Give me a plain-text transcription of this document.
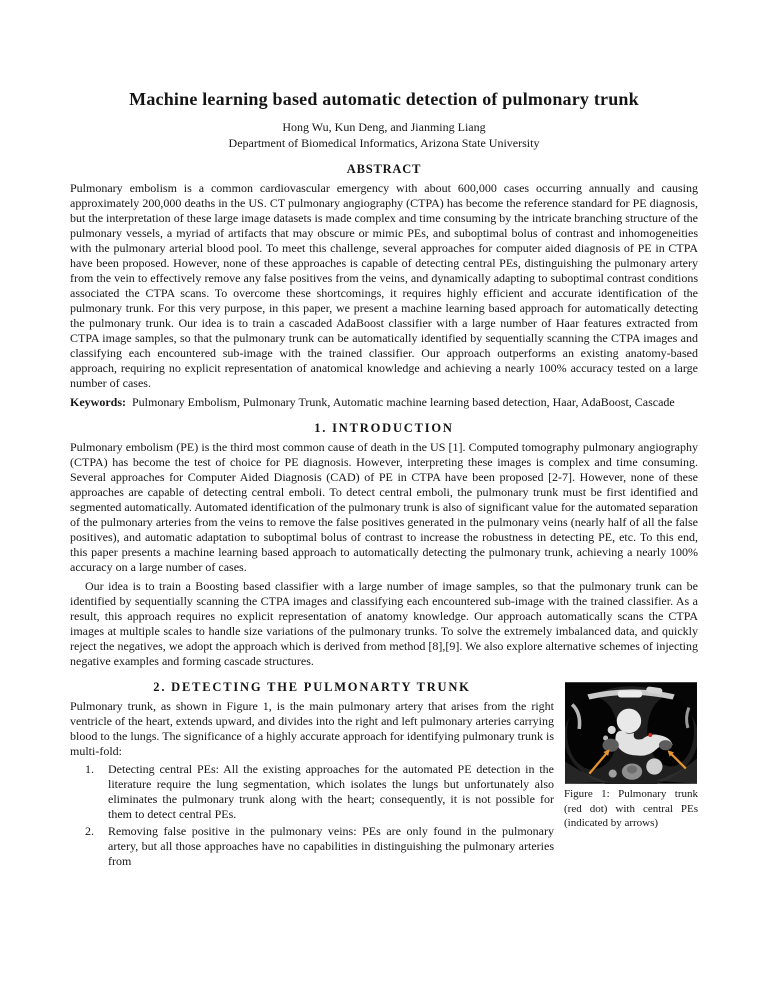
Machine learning based automatic detection of pulmonary trunk
Hong Wu, Kun Deng, and Jianming Liang
Department of Biomedical Informatics, Arizona State University
ABSTRACT

Pulmonary embolism is a common cardiovascular emergency with about 600,000 cases occurring annually and causing approximately 200,000 deaths in the US. CT pulmonary angiography (CTPA) has become the reference standard for PE diagnosis, but the interpretation of these large image datasets is made complex and time consuming by the intricate branching structure of the pulmonary vessels, a myriad of artifacts that may obscure or mimic PEs, and suboptimal bolus of contrast and inhomogeneities with the pulmonary arterial blood pool. To meet this challenge, several approaches for computer aided diagnosis of PE in CTPA have been proposed. However, none of these approaches is capable of detecting central PEs, distinguishing the pulmonary artery from the vein to effectively remove any false positives from the veins, and dynamically adapting to suboptimal contrast conditions associated the CTPA scans. To overcome these shortcomings, it requires highly efficient and accurate identification of the pulmonary trunk. For this very purpose, in this paper, we present a machine learning based approach for automatically detecting the pulmonary trunk. Our idea is to train a cascaded AdaBoost classifier with a large number of Haar features extracted from CTPA image samples, so that the pulmonary trunk can be automatically identified by sequentially scanning the CTPA images and classifying each encountered sub-image with the trained classifier. Our approach outperforms an existing anatomy-based approach, requiring no explicit representation of anatomical knowledge and achieving a nearly 100% accuracy tested on a large number of cases.

Keywords: Pulmonary Embolism, Pulmonary Trunk, Automatic machine learning based detection, Haar, AdaBoost, Cascade

1. INTRODUCTION

Pulmonary embolism (PE) is the third most common cause of death in the US [1]. Computed tomography pulmonary angiography (CTPA) has become the test of choice for PE diagnosis. However, interpreting these images is complex and time consuming. Several approaches for Computer Aided Diagnosis (CAD) of PE in CTPA have been proposed [2-7]. However, none of these approaches are capable of detecting central emboli. To detect central emboli, the pulmonary trunk must be first identified and segmented automatically. Automated identification of the pulmonary trunk is also of significant value for the automated separation of the pulmonary arteries from the veins to remove the false positives generated in the pulmonary veins (nearly half of all the false positives), and automatic adaptation to suboptimal bolus of contrast to increase the robustness in detecting PE, etc. To this end, this paper presents a machine learning based approach to automatically detecting the pulmonary trunk, achieving a nearly 100% accuracy on a large number of cases.

Our idea is to train a Boosting based classifier with a large number of image samples, so that the pulmonary trunk can be identified by sequentially scanning the CTPA images and classifying each encountered sub-image with the trained classifier. As a result, this approach requires no explicit representation of anatomy knowledge. Our approach automatically scans the CTPA images at multiple scales to handle size variations of the pulmonary trunks. To solve the extremely imbalanced data, and quickly reject the negatives, we adopt the approach which is derived from method [8],[9]. We also explore alternative schemes of injecting negative examples and forming cascade structures.

Figure 1: Pulmonary trunk (red dot) with central PEs (indicated by arrows)
2. DETECTING THE PULMONARTY TRUNK

Pulmonary trunk, as shown in Figure 1, is the main pulmonary artery that arises from the right ventricle of the heart, extends upward, and divides into the right and left pulmonary arteries carrying blood to the lungs. The significance of a highly accurate approach for identifying pulmonary trunk is multi-fold:

1. Detecting central PEs: All the existing approaches for the automated PE detection in the literature require the lung segmentation, which isolates the lungs but unfortunately also eliminates the pulmonary trunk along with the heart; consequently, it is not possible for them to detect central PEs.
2. Removing false positive in the pulmonary veins: PEs are only found in the pulmonary artery, but all those approaches have no capabilities in distinguishing the pulmonary arteries from
